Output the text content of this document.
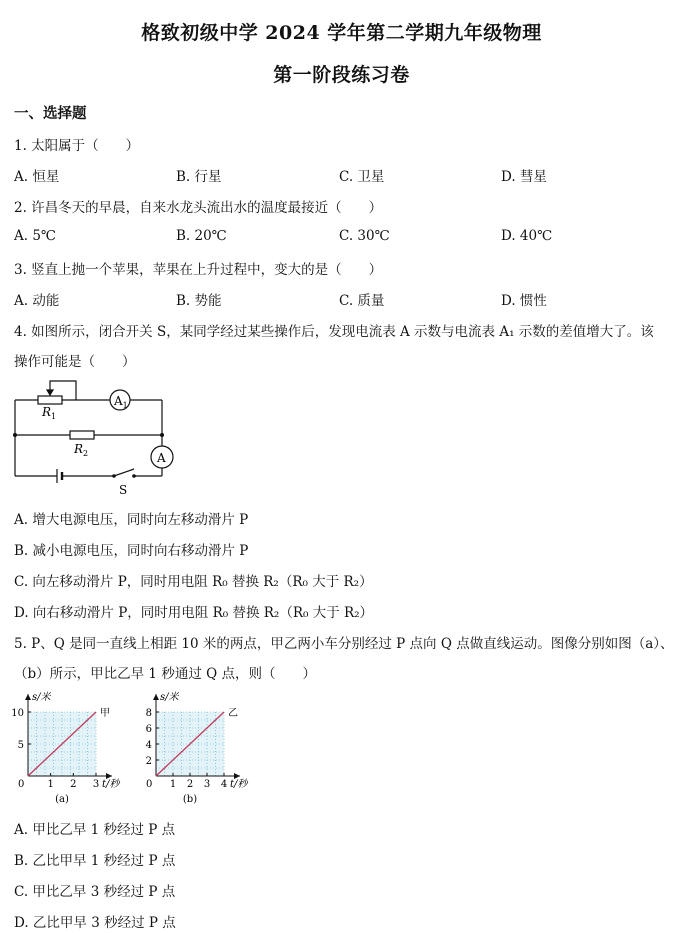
格致初级中学 2024 学年第二学期九年级物理
第一阶段练习卷
一、选择题
1. 太阳属于（　　）
A. 恒星	B. 行星	C. 卫星	D. 彗星
2. 许昌冬天的早晨，自来水龙头流出水的温度最接近（　　）
A. 5℃	B. 20℃	C. 30℃	D. 40℃
3. 竖直上抛一个苹果，苹果在上升过程中，变大的是（　　）
A. 动能	B. 势能	C. 质量	D. 惯性
4. 如图所示，闭合开关 S，某同学经过某些操作后，发现电流表 A 示数与电流表 A₁ 示数的差值增大了。该
操作可能是（　　）
$R_1$
$R_2$
$A_1$
A
S
A. 增大电源电压，同时向左移动滑片 P
B. 减小电源电压，同时向右移动滑片 P
C. 向左移动滑片 P，同时用电阻 R₀ 替换 R₂（R₀ 大于 R₂）
D. 向右移动滑片 P，同时用电阻 R₀ 替换 R₂（R₀ 大于 R₂）
5. P、Q 是同一直线上相距 10 米的两点，甲乙两小车分别经过 P 点向 Q 点做直线运动。图像分别如图（a）、
（b）所示，甲比乙早 1 秒通过 Q 点，则（　　）
s/米
t/秒
0 1 2 3
5
10	甲
(a)
s/米
t/秒
0 1 2 3 4
2
4
6
8	乙
(b)
A. 甲比乙早 1 秒经过 P 点
B. 乙比甲早 1 秒经过 P 点
C. 甲比乙早 3 秒经过 P 点
D. 乙比甲早 3 秒经过 P 点
